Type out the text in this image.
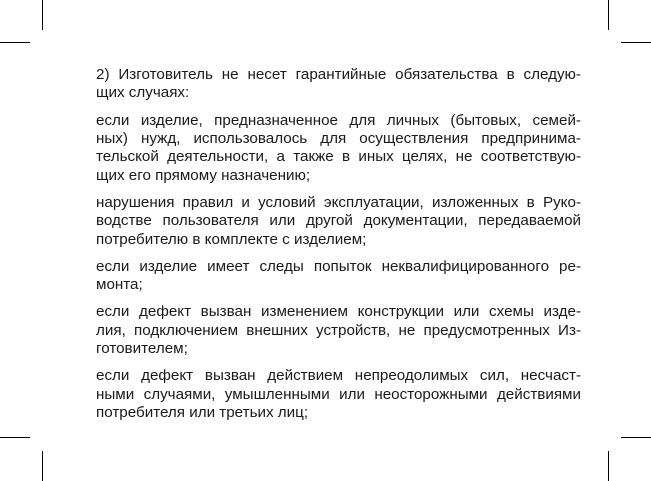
2) Изготовитель не несет гарантийные обязательства в следую-
щих случаях:

если изделие, предназначенное для личных (бытовых, семей-
ных) нужд, использовалось для осуществления предпринима-
тельской деятельности, а также в иных целях, не соответствую-
щих его прямому назначению;

нарушения правил и условий эксплуатации, изложенных в Руко-
водстве пользователя или другой документации, передаваемой
потребителю в комплекте с изделием;

если изделие имеет следы попыток неквалифицированного ре-
монта;

если дефект вызван изменением конструкции или схемы изде-
лия, подключением внешних устройств, не предусмотренных Из-
готовителем;

если дефект вызван действием непреодолимых сил, несчаст-
ными случаями, умышленными или неосторожными действиями
потребителя или третьих лиц;
